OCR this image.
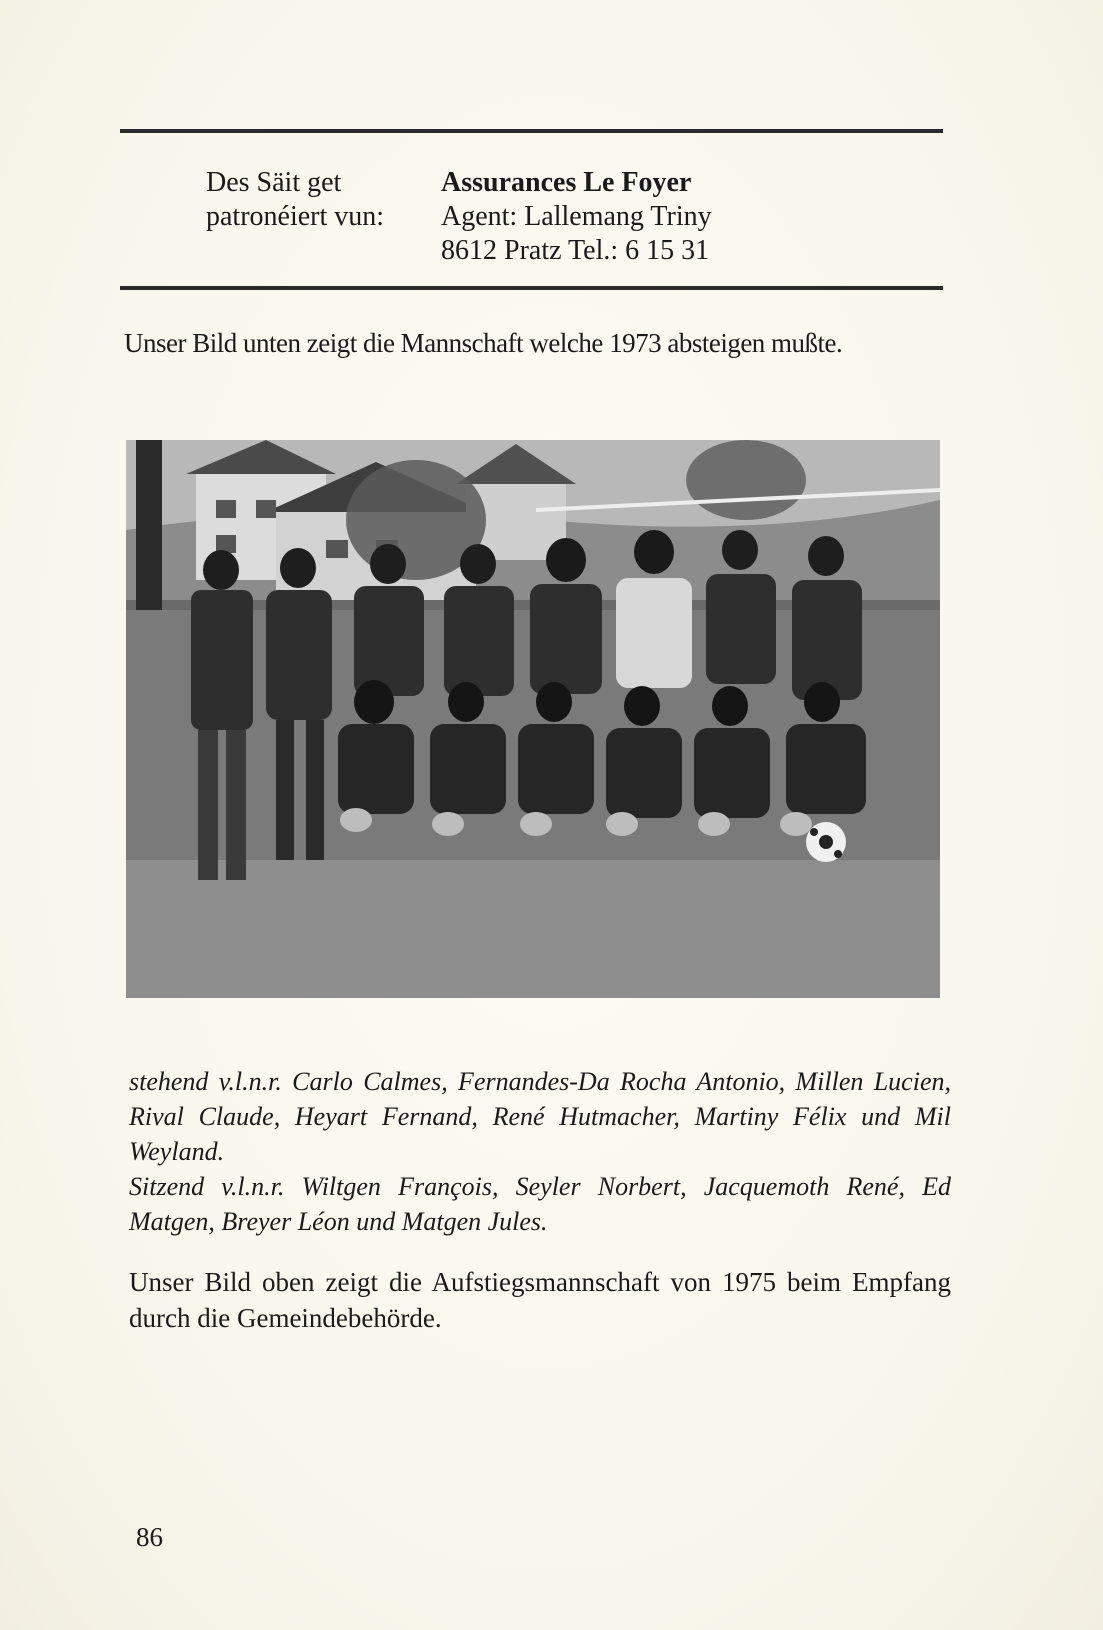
Des Säit get
patronéiert vun:
Assurances Le Foyer
Agent: Lallemang Triny
8612 Pratz Tel.: 6 15 31
Unser Bild unten zeigt die Mannschaft welche 1973 absteigen mußte.

stehend v.l.n.r. Carlo Calmes, Fernandes-Da Rocha Antonio, Millen Lucien, Rival Claude, Heyart Fernand, René Hutmacher, Martiny Félix und Mil Weyland.

Sitzend v.l.n.r. Wiltgen François, Seyler Norbert, Jacquemoth René, Ed Matgen, Breyer Léon und Matgen Jules.

Unser Bild oben zeigt die Aufstiegsmannschaft von 1975 beim Empfang durch die Gemeindebehörde.

86
